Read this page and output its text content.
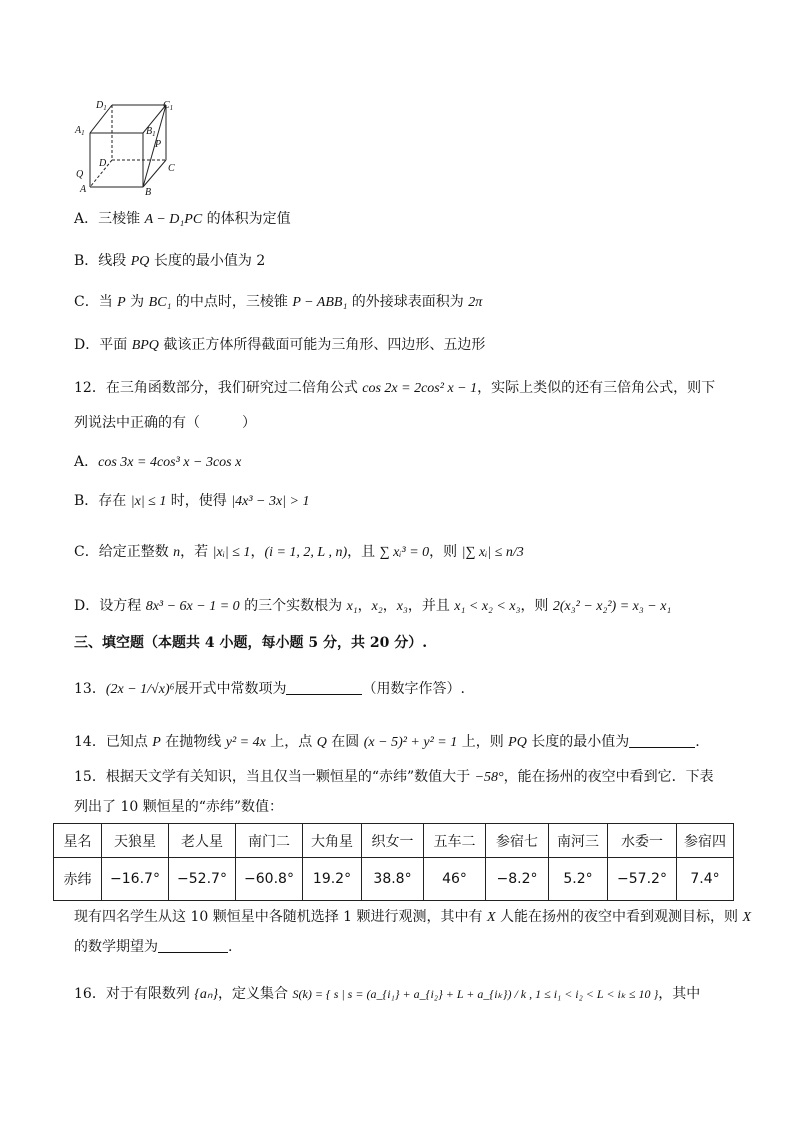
$D_1$	$C_1$
$A_1$	$B_1$
P
D	C
Q
A	B
A．三棱锥 A − D₁PC 的体积为定值
B．线段 PQ 长度的最小值为 2
C．当 P 为 BC₁ 的中点时，三棱锥 P − ABB₁ 的外接球表面积为 2π
D．平面 BPQ 截该正方体所得截面可能为三角形、四边形、五边形
12．在三角函数部分，我们研究过二倍角公式 cos 2x = 2cos² x − 1，实际上类似的还有三倍角公式，则下
列说法中正确的有（　　　）
A．cos 3x = 4cos³ x − 3cos x
B．存在 |x| ≤ 1 时，使得 |4x³ − 3x| > 1
C．给定正整数 n，若 |xᵢ| ≤ 1，(i = 1, 2, L , n)，且 ∑ xᵢ³ = 0，则 |∑ xᵢ| ≤ n/3
D．设方程 8x³ − 6x − 1 = 0 的三个实数根为 x₁，x₂，x₃，并且 x₁ < x₂ < x₃，则 2(x₃² − x₂²) = x₃ − x₁
三、填空题（本题共 4 小题，每小题 5 分，共 20 分）.
13．(2x − 1/√x)⁶展开式中常数项为	（用数字作答）.
14．已知点 P 在抛物线 y² = 4x 上，点 Q 在圆 (x − 5)² + y² = 1 上，则 PQ 长度的最小值为	.
15．根据天文学有关知识，当且仅当一颗恒星的“赤纬”数值大于 −58°，能在扬州的夜空中看到它．下表
列出了 10 颗恒星的“赤纬”数值：
星名	天狼星	老人星	南门二	大角星	织女一	五车二	参宿七	南河三	水委一	参宿四
赤纬	−16.7°	−52.7°	−60.8°	19.2°	38.8°	46°	−8.2°	5.2°	−57.2°	7.4°
现有四名学生从这 10 颗恒星中各随机选择 1 颗进行观测，其中有 X 人能在扬州的夜空中看到观测目标，则 X
的数学期望为	.
16．对于有限数列 {aₙ}，定义集合 S(k) = { s | s = (a_{i₁} + a_{i₂} + L + a_{iₖ}) / k , 1 ≤ i₁ < i₂ < L < iₖ ≤ 10 }，其中
